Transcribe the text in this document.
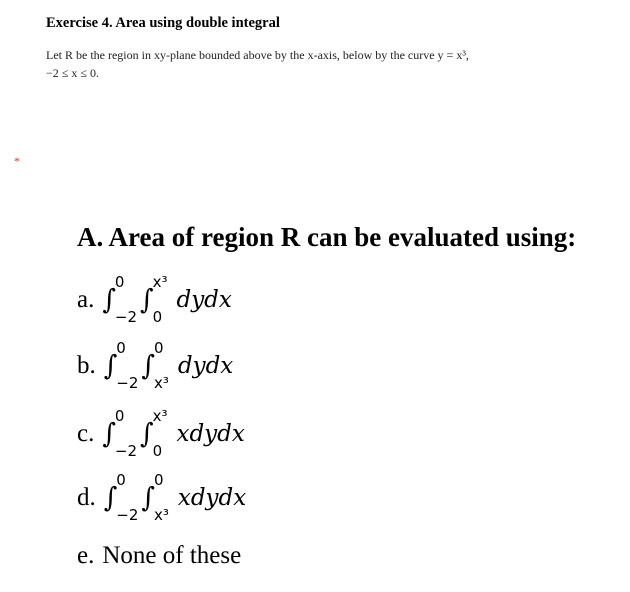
Exercise 4. Area using double integral
Let R be the region in xy-plane bounded above by the x-axis, below by the curve y = x³,
−2 ≤ x ≤ 0.
*
A. Area of region R can be evaluated using:
a. ∫
0
−2
∫
x³
0
dydx
b. ∫
0
−2
∫
0
x³
dydx
c. ∫
0
−2
∫
x³
0
xdydx
d. ∫
0
−2
∫
0
x³
xdydx
e. None of these
